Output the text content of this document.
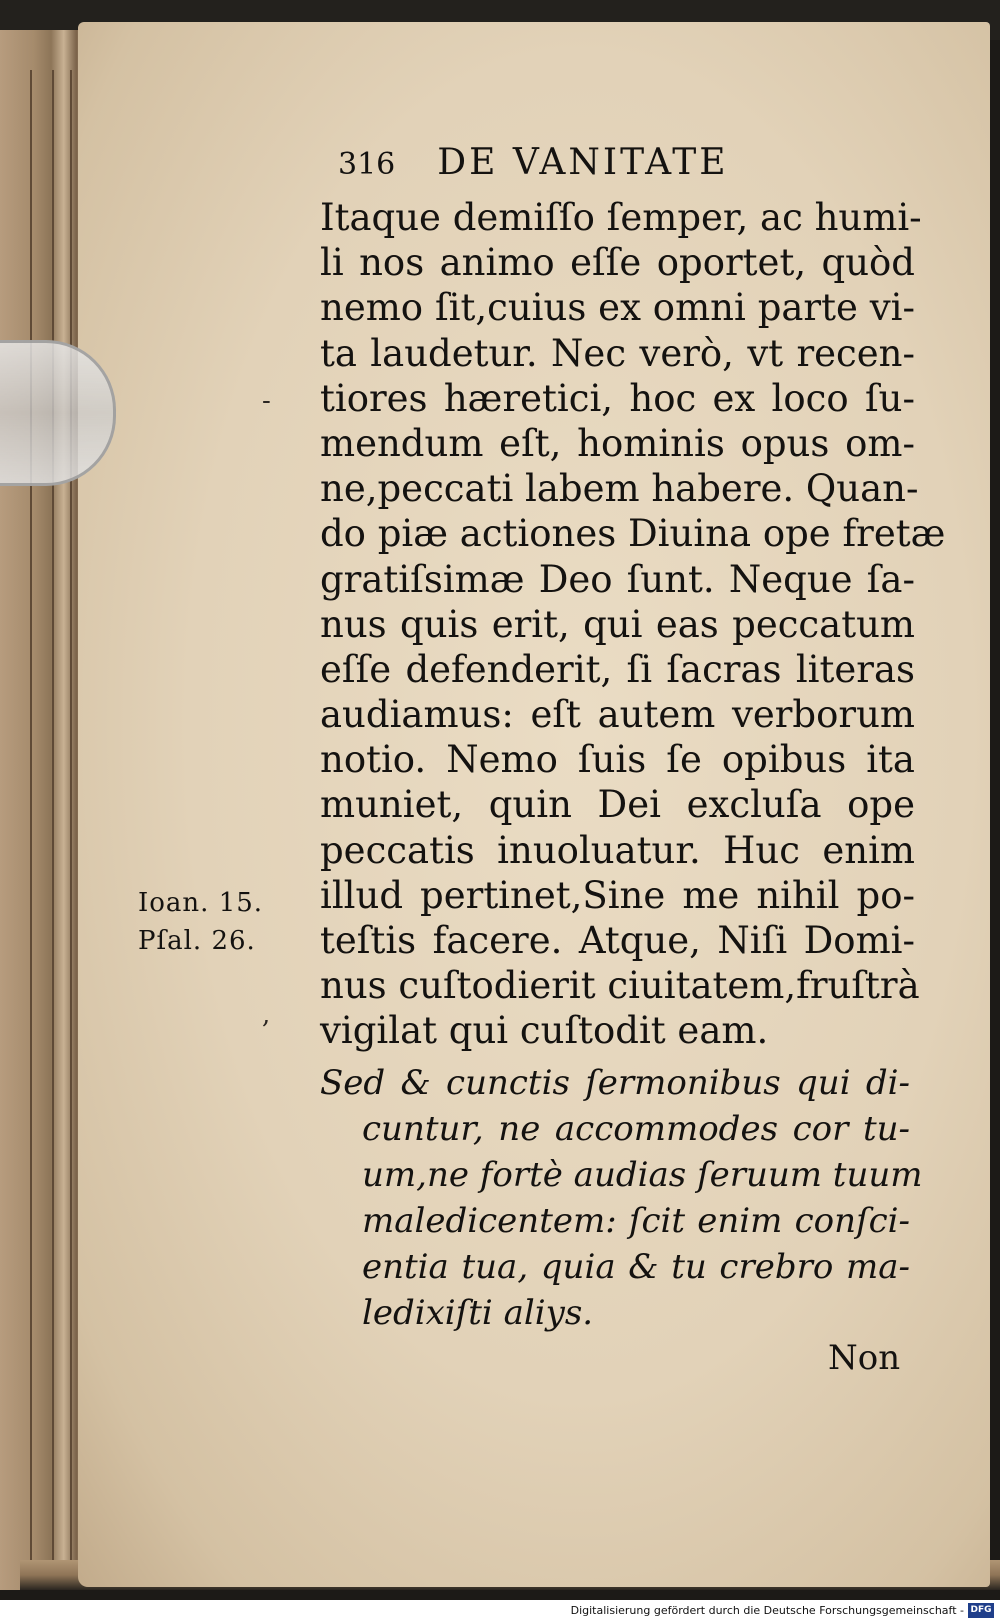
316 DE VANITATE
Itaque demiſſo ſemper, ac humi-
li nos animo eſſe oportet, quòd
nemo ſit,cuius ex omni parte vi-
ta laudetur. Nec verò, vt recen-
tiores hæretici, hoc ex loco ſu-
mendum eſt, hominis opus om-
ne,peccati labem habere. Quan-
do piæ actiones Diuina ope fretæ
gratiſsimæ Deo ſunt. Neque ſa-
nus quis erit, qui eas peccatum
eſſe defenderit, ſi ſacras literas
audiamus: eſt autem verborum
notio. Nemo ſuis ſe opibus ita
muniet, quin Dei excluſa ope
peccatis inuoluatur. Huc enim
illud pertinet,Sine me nihil po-
teſtis facere. Atque, Niſi Domi-
nus cuſtodierit ciuitatem,fruſtrà
vigilat qui cuſtodit eam.
Ioan. 15.
Pſal. 26.
-
,
Sed & cunctis ſermonibus qui di-
cuntur, ne accommodes cor tu-
um,ne fortè audias ſeruum tuum
maledicentem: ſcit enim conſci-
entia tua, quia & tu crebro ma-
ledixiſti aliys.
Non
Digitalisierung gefördert durch die Deutsche Forschungsgemeinschaft - DFG
